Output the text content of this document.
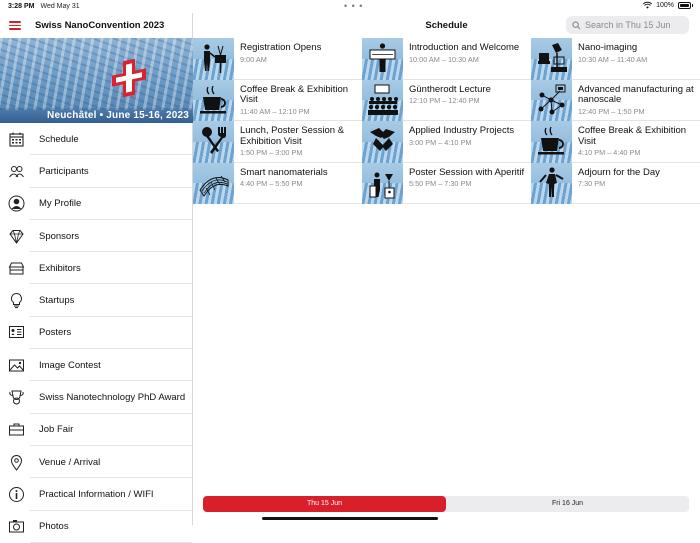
3:28 PM Wed May 31	• • •	100%
Swiss NanoConvention 2023
Neuchâtel • June 15-16, 2023
Schedule
Participants
My Profile
Sponsors
Exhibitors
Startups
Posters
Image Contest
Swiss Nanotechnology PhD Award
Job Fair
Venue / Arrival
Practical Information / WIFI
Photos
Schedule
Search in Thu 15 Jun
Registration Opens
9:00 AM
Introduction and Welcome
10:00 AM – 10:30 AM
Nano-imaging
10:30 AM – 11:40 AM
Coffee Break & Exhibition Visit
11:40 AM – 12:10 PM
Güntherodt Lecture
12:10 PM – 12:40 PM
Advanced manufacturing at nanoscale
12:40 PM – 1:50 PM
Lunch, Poster Session & Exhibition Visit
1:50 PM – 3:00 PM
Applied Industry Projects
3:00 PM – 4:10 PM
Coffee Break & Exhibition Visit
4:10 PM – 4:40 PM
Smart nanomaterials
4:40 PM – 5:50 PM
Poster Session with Aperitif
5:50 PM – 7:30 PM
Adjourn for the Day
7:30 PM
Thu 15 Jun	Fri 16 Jun
